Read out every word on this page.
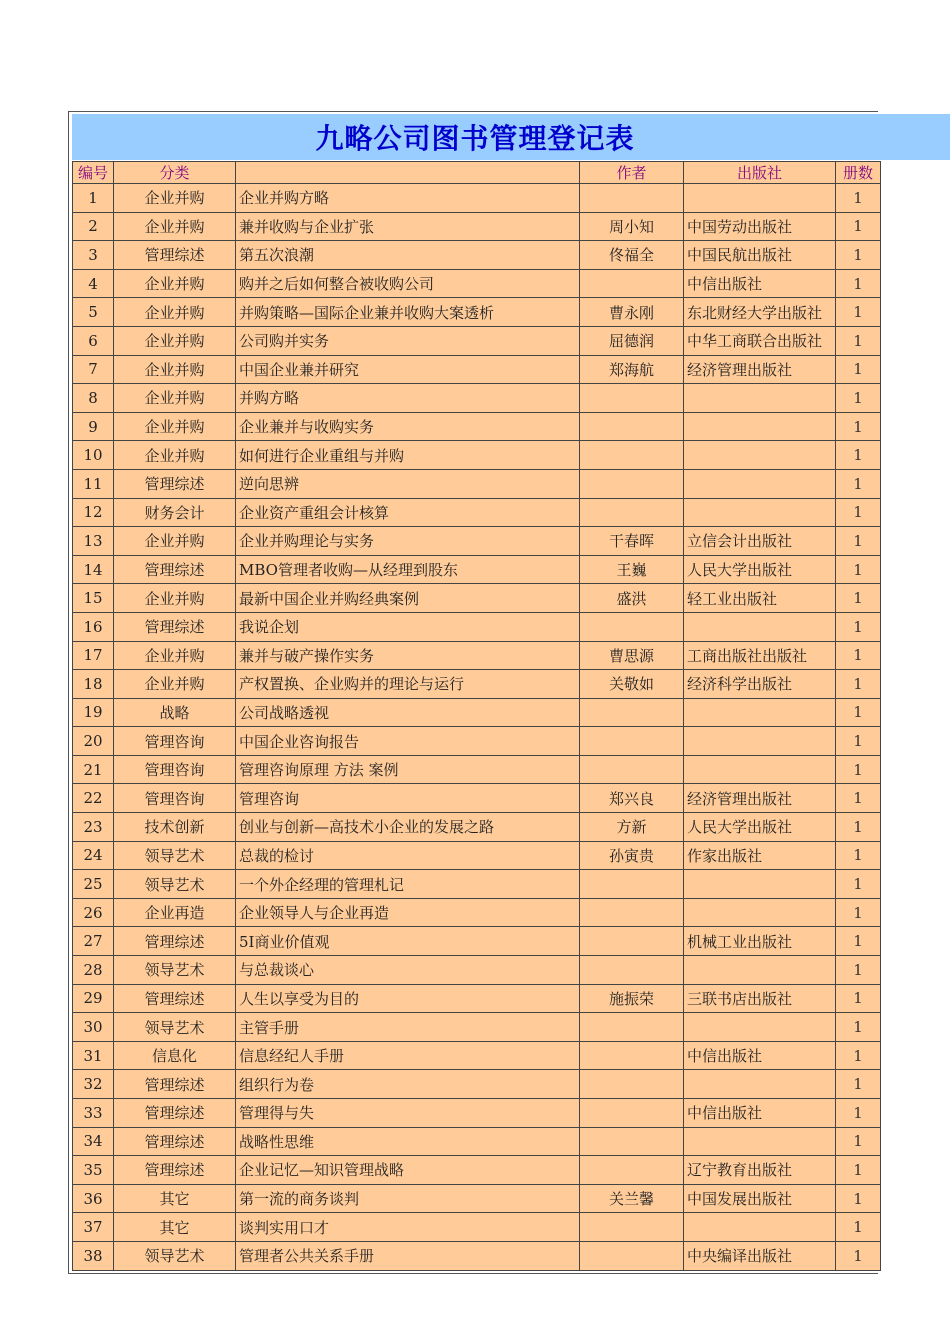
九略公司图书管理登记表
编号	分类		作者	出版社	册数
1	企业并购	企业并购方略			1
2	企业并购	兼并收购与企业扩张	周小知	中国劳动出版社	1
3	管理综述	第五次浪潮	佟福全	中国民航出版社	1
4	企业并购	购并之后如何整合被收购公司		中信出版社	1
5	企业并购	并购策略—国际企业兼并收购大案透析	曹永刚	东北财经大学出版社	1
6	企业并购	公司购并实务	屈德润	中华工商联合出版社	1
7	企业并购	中国企业兼并研究	郑海航	经济管理出版社	1
8	企业并购	并购方略			1
9	企业并购	企业兼并与收购实务			1
10	企业并购	如何进行企业重组与并购			1
11	管理综述	逆向思辨			1
12	财务会计	企业资产重组会计核算			1
13	企业并购	企业并购理论与实务	干春晖	立信会计出版社	1
14	管理综述	MBO管理者收购—从经理到股东	王巍	人民大学出版社	1
15	企业并购	最新中国企业并购经典案例	盛洪	轻工业出版社	1
16	管理综述	我说企划			1
17	企业并购	兼并与破产操作实务	曹思源	工商出版社出版社	1
18	企业并购	产权置换、企业购并的理论与运行	关敬如	经济科学出版社	1
19	战略	公司战略透视			1
20	管理咨询	中国企业咨询报告			1
21	管理咨询	管理咨询原理 方法 案例			1
22	管理咨询	管理咨询	郑兴良	经济管理出版社	1
23	技术创新	创业与创新—高技术小企业的发展之路	方新	人民大学出版社	1
24	领导艺术	总裁的检讨	孙寅贵	作家出版社	1
25	领导艺术	一个外企经理的管理札记			1
26	企业再造	企业领导人与企业再造			1
27	管理综述	5I商业价值观		机械工业出版社	1
28	领导艺术	与总裁谈心			1
29	管理综述	人生以享受为目的	施振荣	三联书店出版社	1
30	领导艺术	主管手册			1
31	信息化	信息经纪人手册		中信出版社	1
32	管理综述	组织行为卷			1
33	管理综述	管理得与失		中信出版社	1
34	管理综述	战略性思维			1
35	管理综述	企业记忆—知识管理战略		辽宁教育出版社	1
36	其它	第一流的商务谈判	关兰馨	中国发展出版社	1
37	其它	谈判实用口才			1
38	领导艺术	管理者公共关系手册		中央编译出版社	1
